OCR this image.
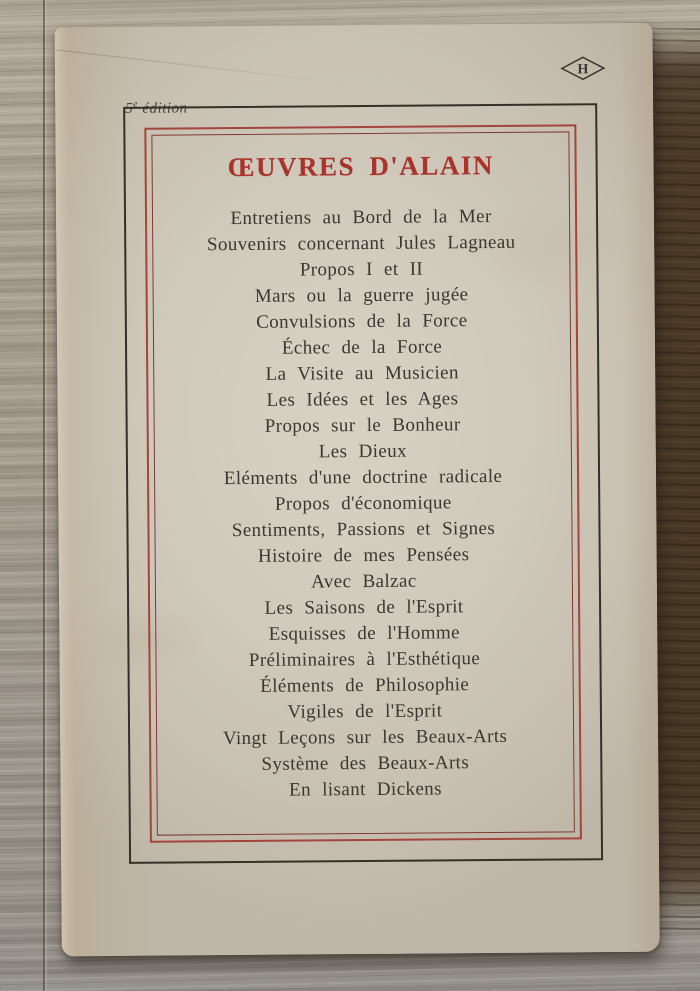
5e édition
H
ŒUVRES D'ALAIN
Entretiens au Bord de la Mer
Souvenirs concernant Jules Lagneau
Propos I et II
Mars ou la guerre jugée
Convulsions de la Force
Échec de la Force
La Visite au Musicien
Les Idées et les Ages
Propos sur le Bonheur
Les Dieux
Eléments d'une doctrine radicale
Propos d'économique
Sentiments, Passions et Signes
Histoire de mes Pensées
Avec Balzac
Les Saisons de l'Esprit
Esquisses de l'Homme
Préliminaires à l'Esthétique
Éléments de Philosophie
Vigiles de l'Esprit
Vingt Leçons sur les Beaux-Arts
Système des Beaux-Arts
En lisant Dickens
